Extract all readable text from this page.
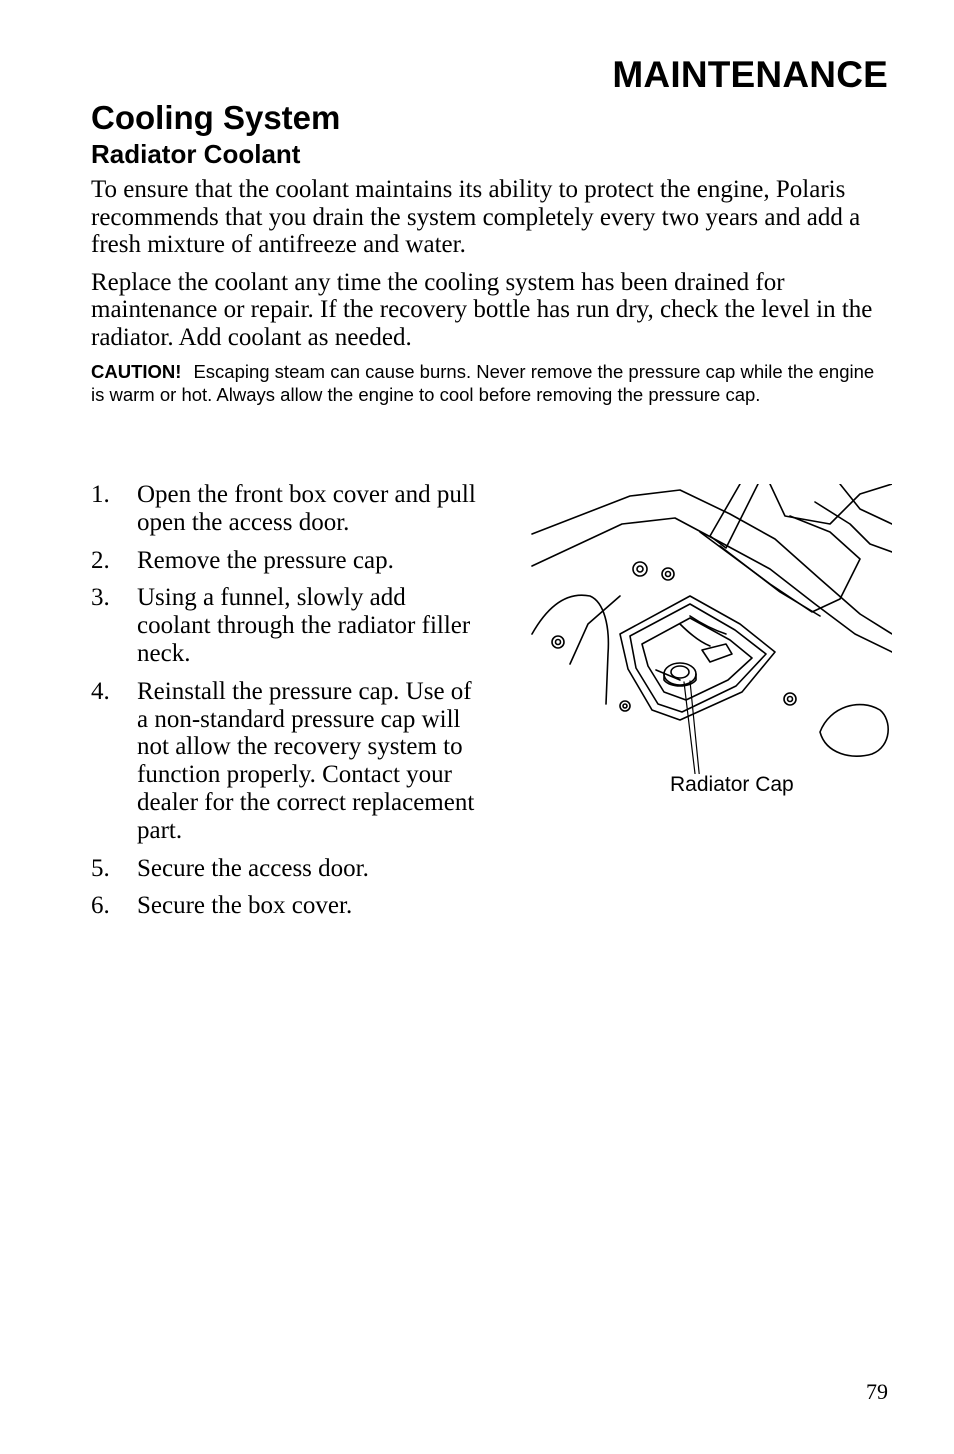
MAINTENANCE
Cooling System
Radiator Coolant

To ensure that the coolant maintains its ability to protect the engine, Polaris recommends that you drain the system completely every two years and add a fresh mixture of antifreeze and water.

Replace the coolant any time the cooling system has been drained for maintenance or repair. If the recovery bottle has run dry, check the level in the radiator. Add coolant as needed.

CAUTION! Escaping steam can cause burns. Never remove the pressure cap while the engine is warm or hot. Always allow the engine to cool before removing the pressure cap.

1. Open the front box cover and pull open the access door.
2. Remove the pressure cap.
3. Using a funnel, slowly add coolant through the radiator filler neck.
4. Reinstall the pressure cap. Use of a non-standard pressure cap will not allow the recovery system to function properly. Contact your dealer for the correct replacement part.
5. Secure the access door.
6. Secure the box cover.
Radiator Cap
79
